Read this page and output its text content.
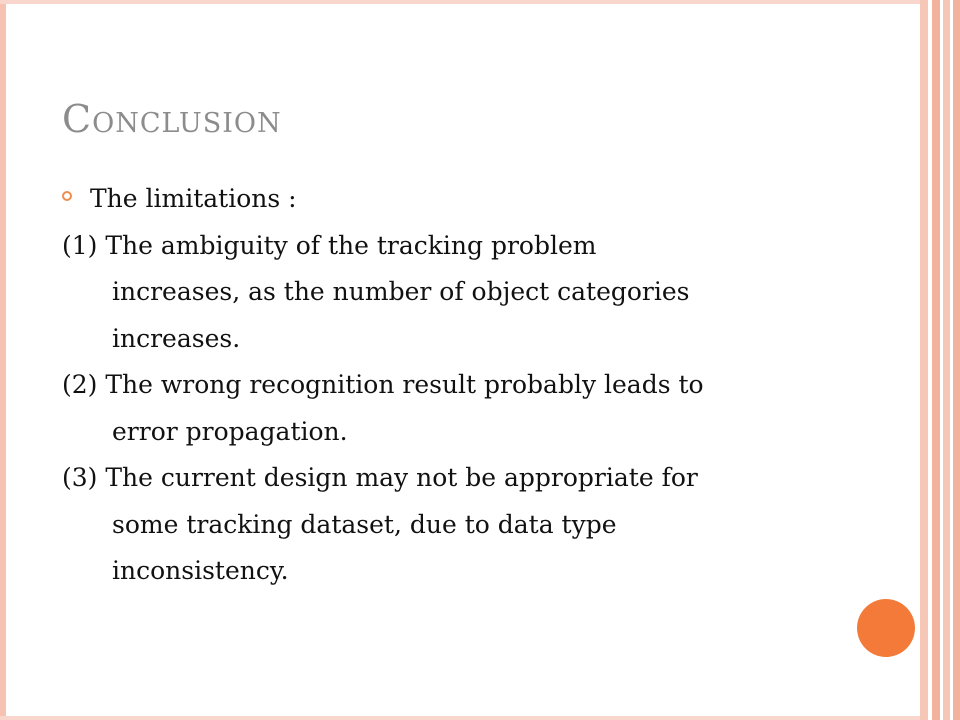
Conclusion
The limitations :
(1) The ambiguity of the tracking problem
increases, as the number of object categories
increases.
(2) The wrong recognition result probably leads to
error propagation.
(3) The current design may not be appropriate for
some tracking dataset, due to data type
inconsistency.
